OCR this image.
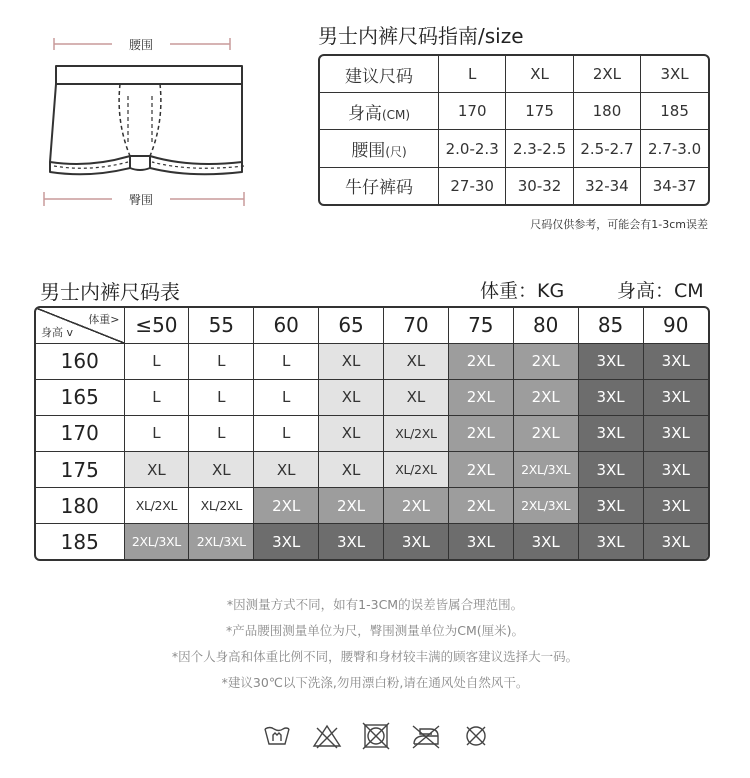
腰围
臀围
男士内裤尺码指南/size
建议尺码	L	XL	2XL	3XL
身高(CM)	170	175	180	185
腰围(尺)	2.0-2.3	2.3-2.5	2.5-2.7	2.7-3.0
牛仔裤码	27-30	30-32	32-34	34-37
尺码仅供参考，可能会有1-3cm误差
男士内裤尺码表	体重：KG	身高：CM
体重>
身高 v	≤50	55	60	65	70	75	80	85	90
160	L	L	L	XL	XL	2XL	2XL	3XL	3XL
165	L	L	L	XL	XL	2XL	2XL	3XL	3XL
170	L	L	L	XL	XL/2XL	2XL	2XL	3XL	3XL
175	XL	XL	XL	XL	XL/2XL	2XL	2XL/3XL	3XL	3XL
180	XL/2XL	XL/2XL	2XL	2XL	2XL	2XL	2XL/3XL	3XL	3XL
185	2XL/3XL	2XL/3XL	3XL	3XL	3XL	3XL	3XL	3XL	3XL
*因测量方式不同，如有1-3CM的误差皆属合理范围。
*产品腰围测量单位为尺，臀围测量单位为CM(厘米)。
*因个人身高和体重比例不同，腰臀和身材较丰满的顾客建议选择大一码。
*建议30℃以下洗涤,勿用漂白粉,请在通风处自然风干。
